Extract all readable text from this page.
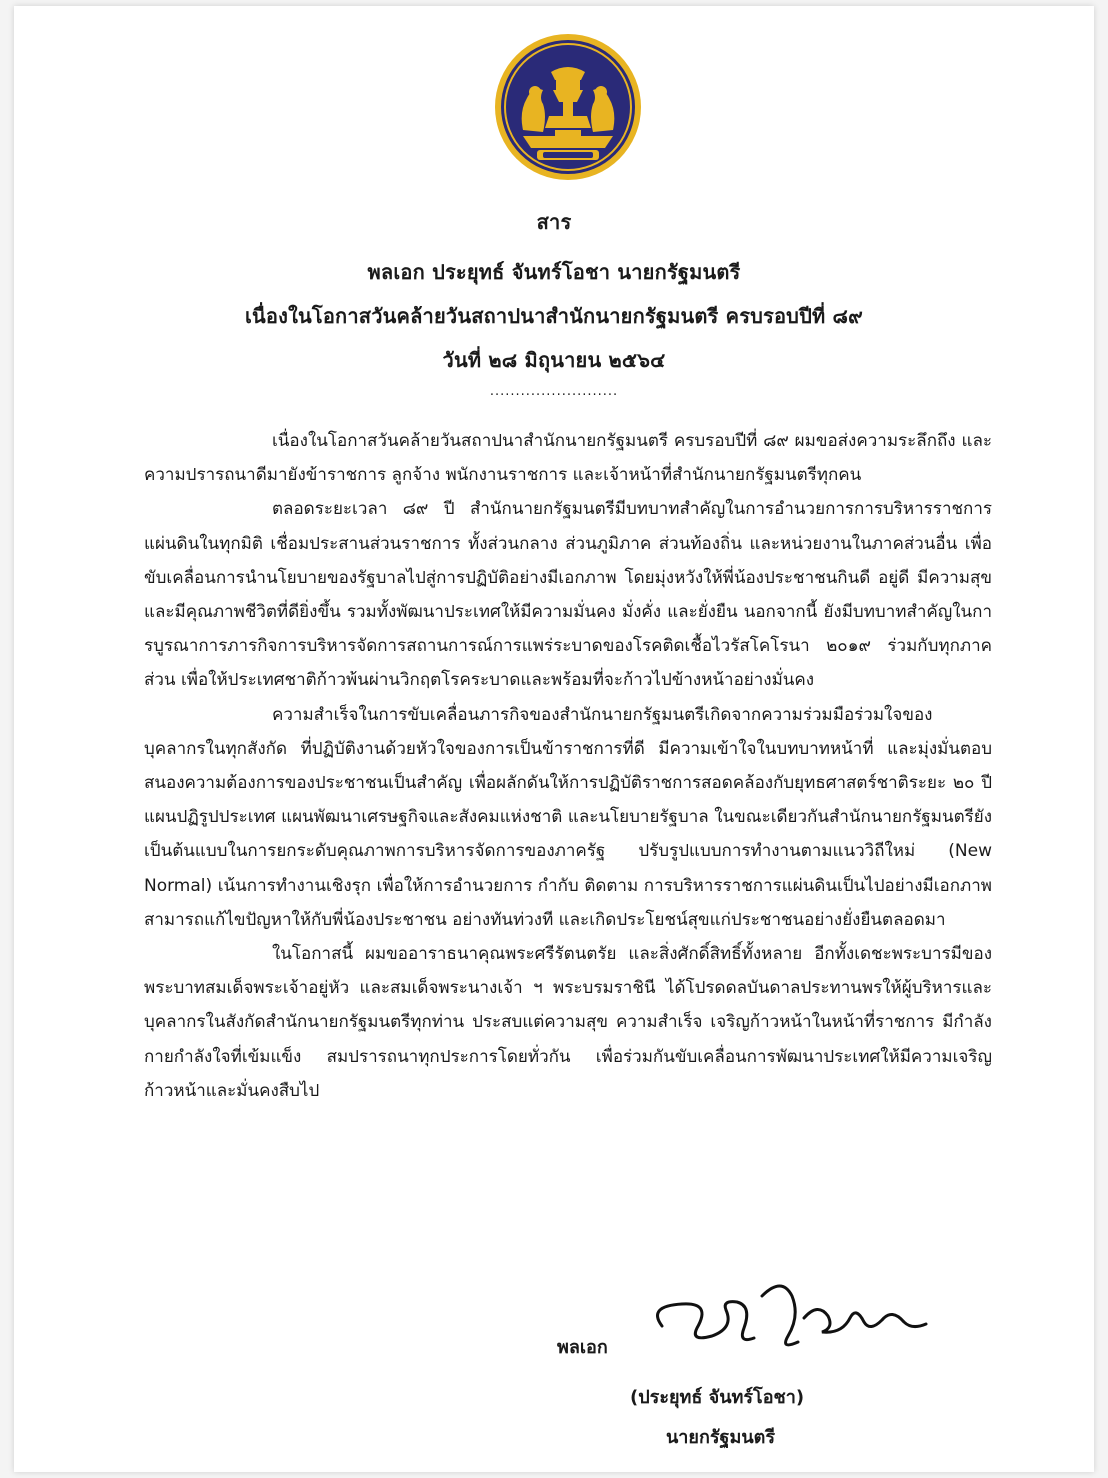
สาร
พลเอก ประยุทธ์ จันทร์โอชา นายกรัฐมนตรี
เนื่องในโอกาสวันคล้ายวันสถาปนาสำนักนายกรัฐมนตรี ครบรอบปีที่ ๘๙
วันที่ ๒๘ มิถุนายน ๒๕๖๔
.........................

เนื่องในโอกาสวันคล้ายวันสถาปนาสำนักนายกรัฐมนตรี ครบรอบปีที่ ๘๙ ผมขอส่งความระลึกถึง และความปรารถนาดีมายังข้าราชการ ลูกจ้าง พนักงานราชการ และเจ้าหน้าที่สำนักนายกรัฐมนตรีทุกคน

ตลอดระยะเวลา ๘๙ ปี สำนักนายกรัฐมนตรีมีบทบาทสำคัญในการอำนวยการการบริหารราชการแผ่นดินในทุกมิติ เชื่อมประสานส่วนราชการ ทั้งส่วนกลาง ส่วนภูมิภาค ส่วนท้องถิ่น และหน่วยงานในภาคส่วนอื่น เพื่อขับเคลื่อนการนำนโยบายของรัฐบาลไปสู่การปฏิบัติอย่างมีเอกภาพ โดยมุ่งหวังให้พี่น้องประชาชนกินดี อยู่ดี มีความสุข และมีคุณภาพชีวิตที่ดียิ่งขึ้น รวมทั้งพัฒนาประเทศให้มีความมั่นคง มั่งคั่ง และยั่งยืน นอกจากนี้ ยังมีบทบาทสำคัญในการบูรณาการภารกิจการบริหารจัดการสถานการณ์การแพร่ระบาดของโรคติดเชื้อไวรัสโคโรนา ๒๐๑๙ ร่วมกับทุกภาคส่วน เพื่อให้ประเทศชาติก้าวพ้นผ่านวิกฤตโรคระบาดและพร้อมที่จะก้าวไปข้างหน้าอย่างมั่นคง

ความสำเร็จในการขับเคลื่อนภารกิจของสำนักนายกรัฐมนตรีเกิดจากความร่วมมือร่วมใจของบุคลากรในทุกสังกัด ที่ปฏิบัติงานด้วยหัวใจของการเป็นข้าราชการที่ดี มีความเข้าใจในบทบาทหน้าที่ และมุ่งมั่นตอบสนองความต้องการของประชาชนเป็นสำคัญ เพื่อผลักดันให้การปฏิบัติราชการสอดคล้องกับยุทธศาสตร์ชาติระยะ ๒๐ ปี แผนปฏิรูปประเทศ แผนพัฒนาเศรษฐกิจและสังคมแห่งชาติ และนโยบายรัฐบาล ในขณะเดียวกันสำนักนายกรัฐมนตรียังเป็นต้นแบบในการยกระดับคุณภาพการบริหารจัดการของภาครัฐ ปรับรูปแบบการทำงานตามแนววิถีใหม่ (New Normal) เน้นการทำงานเชิงรุก เพื่อให้การอำนวยการ กำกับ ติดตาม การบริหารราชการแผ่นดินเป็นไปอย่างมีเอกภาพ สามารถแก้ไขปัญหาให้กับพี่น้องประชาชน อย่างทันท่วงที และเกิดประโยชน์สุขแก่ประชาชนอย่างยั่งยืนตลอดมา

ในโอกาสนี้ ผมขออาราธนาคุณพระศรีรัตนตรัย และสิ่งศักดิ์สิทธิ์ทั้งหลาย อีกทั้งเดชะพระบารมีของพระบาทสมเด็จพระเจ้าอยู่หัว และสมเด็จพระนางเจ้า ฯ พระบรมราชินี ได้โปรดดลบันดาลประทานพรให้ผู้บริหารและบุคลากรในสังกัดสำนักนายกรัฐมนตรีทุกท่าน ประสบแต่ความสุข ความสำเร็จ เจริญก้าวหน้าในหน้าที่ราชการ มีกำลังกายกำลังใจที่เข้มแข็ง สมปรารถนาทุกประการโดยทั่วกัน เพื่อร่วมกันขับเคลื่อนการพัฒนาประเทศให้มีความเจริญก้าวหน้าและมั่นคงสืบไป

พลเอก
(ประยุทธ์ จันทร์โอชา)
นายกรัฐมนตรี
